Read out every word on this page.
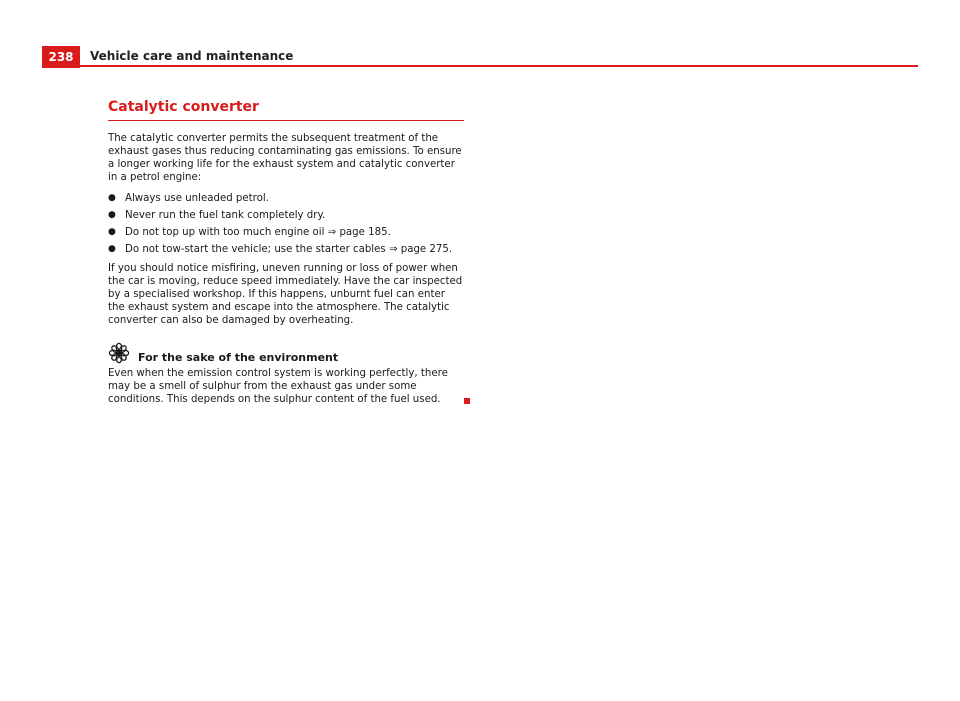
238	Vehicle care and maintenance
Catalytic converter

The catalytic converter permits the subsequent treatment of the exhaust gases thus reducing contaminating gas emissions. To ensure a longer working life for the exhaust system and catalytic converter in a petrol engine:

● Always use unleaded petrol.
● Never run the fuel tank completely dry.
● Do not top up with too much engine oil ⇒ page 185.
● Do not tow-start the vehicle; use the starter cables ⇒ page 275.

If you should notice misfiring, uneven running or loss of power when the car is moving, reduce speed immediately. Have the car inspected by a specialised workshop. If this happens, unburnt fuel can enter the exhaust system and escape into the atmosphere. The catalytic converter can also be damaged by overheating.

For the sake of the environment

Even when the emission control system is working perfectly, there may be a smell of sulphur from the exhaust gas under some conditions. This depends on the sulphur content of the fuel used.
